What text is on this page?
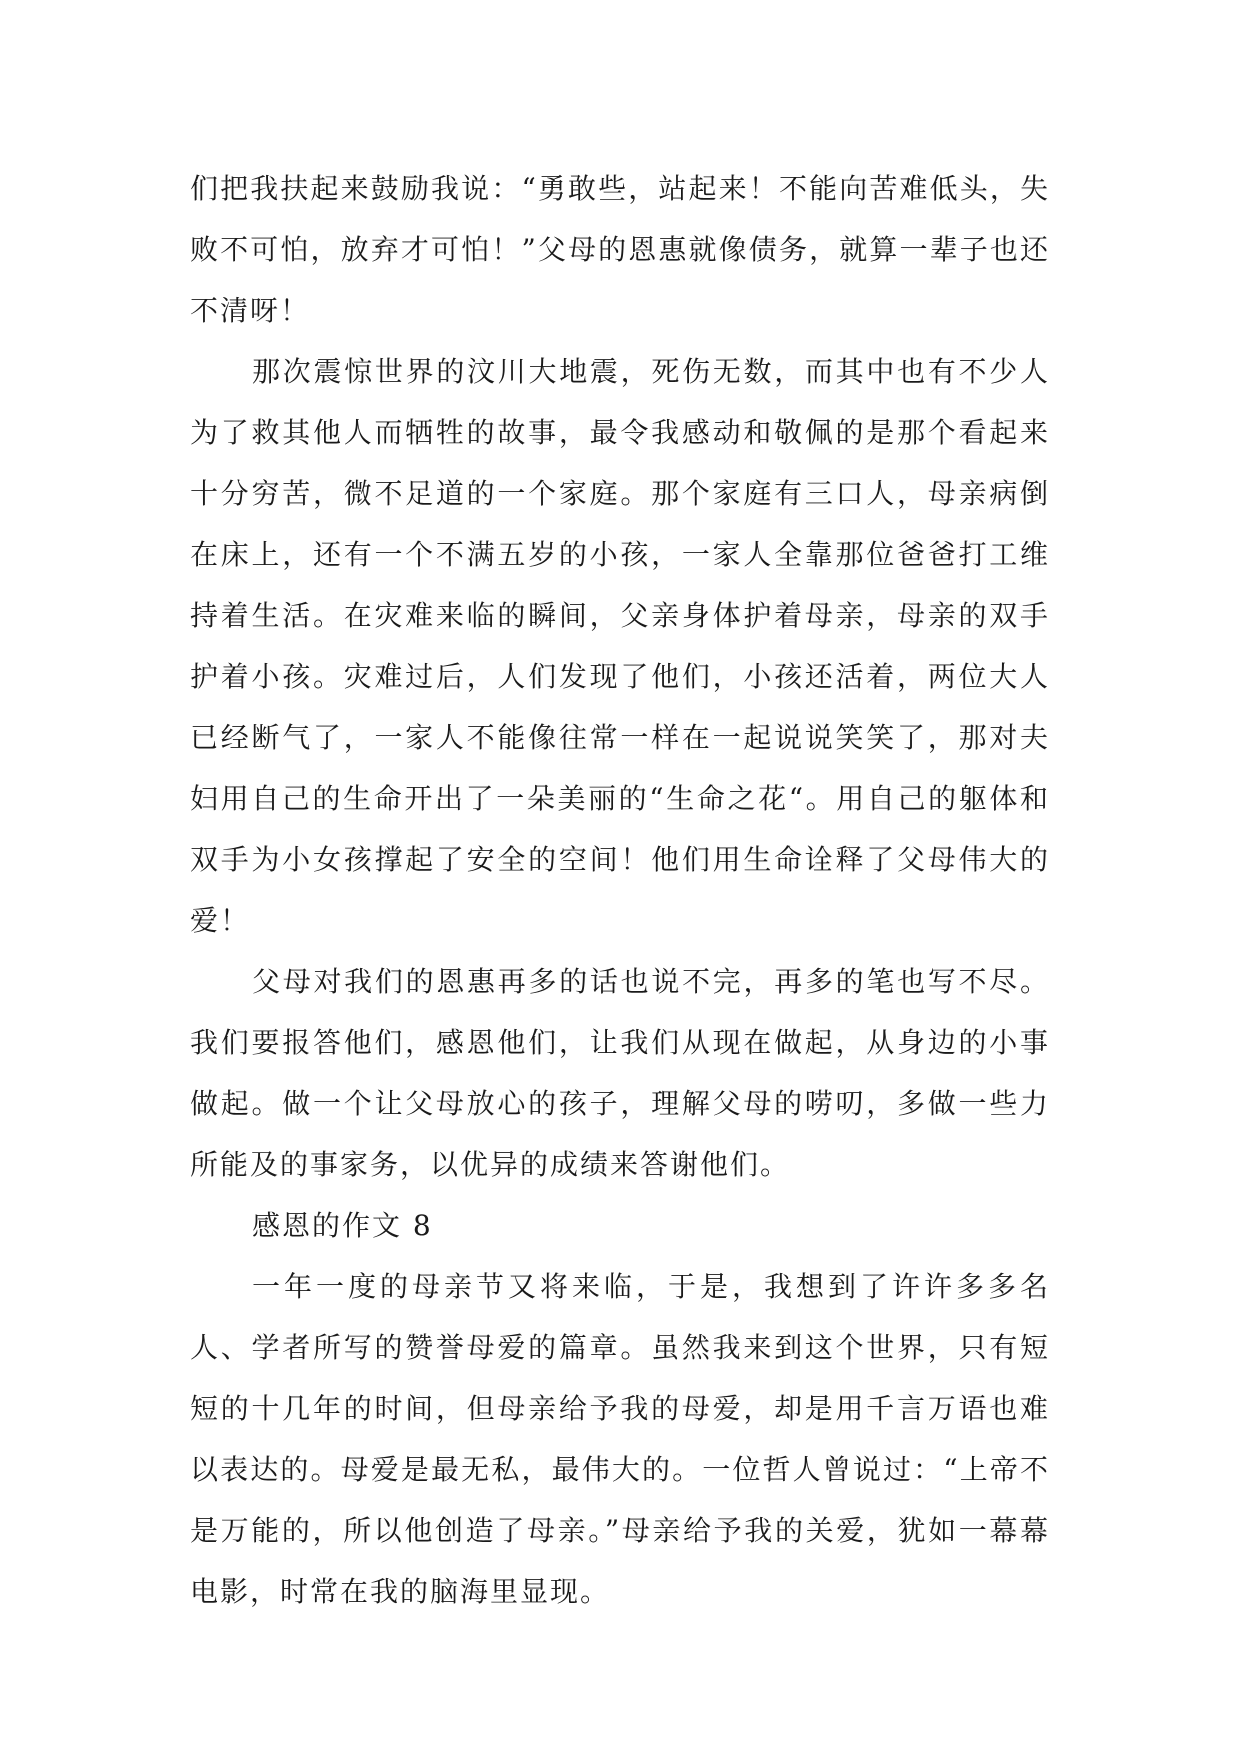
们把我扶起来鼓励我说：“勇敢些，站起来！不能向苦难低头，失败不可怕，放弃才可怕！”父母的恩惠就像债务，就算一辈子也还不清呀！

那次震惊世界的汶川大地震，死伤无数，而其中也有不少人为了救其他人而牺牲的故事，最令我感动和敬佩的是那个看起来十分穷苦，微不足道的一个家庭。那个家庭有三口人，母亲病倒在床上，还有一个不满五岁的小孩，一家人全靠那位爸爸打工维持着生活。在灾难来临的瞬间，父亲身体护着母亲，母亲的双手护着小孩。灾难过后，人们发现了他们，小孩还活着，两位大人已经断气了，一家人不能像往常一样在一起说说笑笑了，那对夫妇用自己的生命开出了一朵美丽的“生命之花“。用自己的躯体和双手为小女孩撑起了安全的空间！他们用生命诠释了父母伟大的爱！

父母对我们的恩惠再多的话也说不完，再多的笔也写不尽。我们要报答他们，感恩他们，让我们从现在做起，从身边的小事做起。做一个让父母放心的孩子，理解父母的唠叨，多做一些力所能及的事家务，以优异的成绩来答谢他们。

感恩的作文 8

一年一度的母亲节又将来临，于是，我想到了许许多多名人、学者所写的赞誉母爱的篇章。虽然我来到这个世界，只有短短的十几年的时间，但母亲给予我的母爱，却是用千言万语也难以表达的。母爱是最无私，最伟大的。一位哲人曾说过：“上帝不是万能的，所以他创造了母亲。”母亲给予我的关爱，犹如一幕幕电影，时常在我的脑海里显现。
